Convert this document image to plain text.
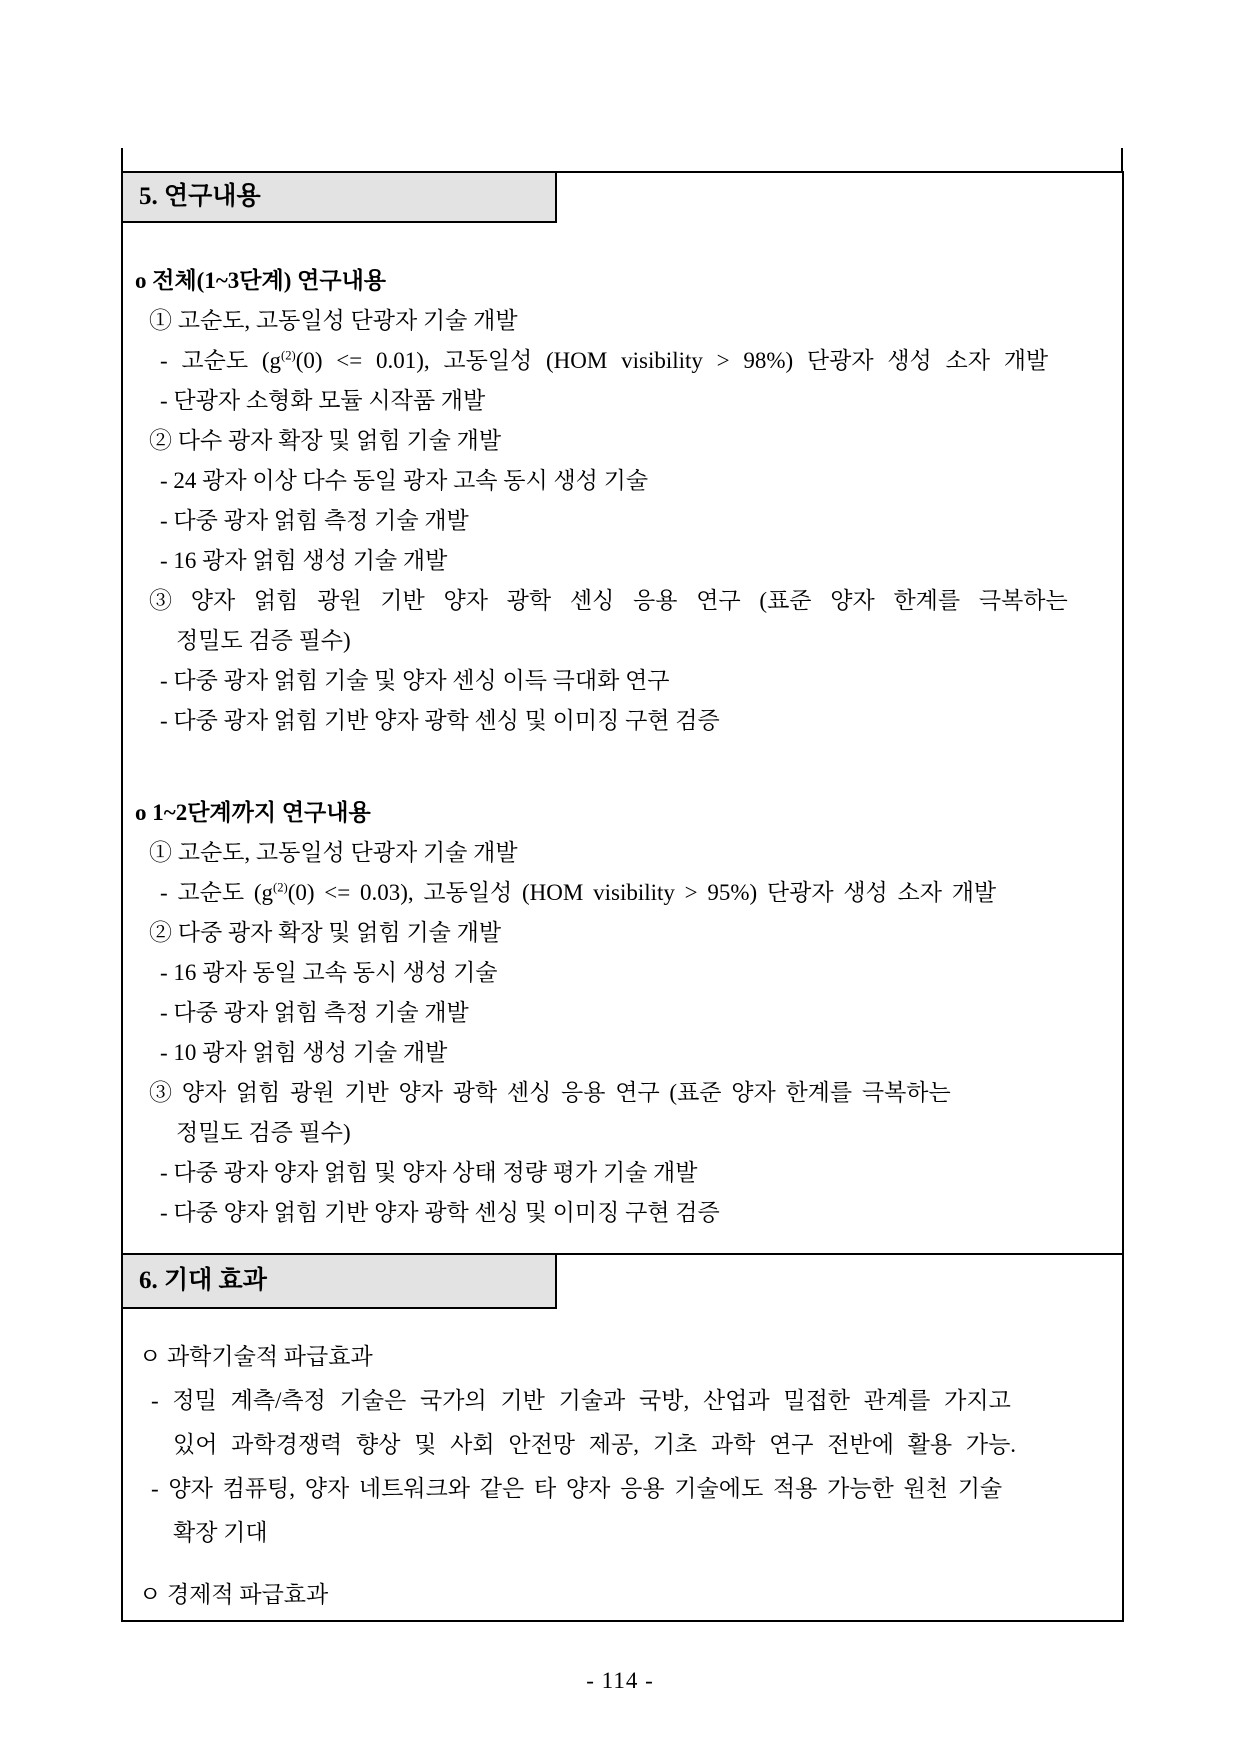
5. 연구내용
o 전체(1~3단계) 연구내용
① 고순도, 고동일성 단광자 기술 개발
- 고순도 $(g^{(2)}(0) <= 0.01)$, 고동일성 (HOM visibility > 98%) 단광자 생성 소자 개발
- 단광자 소형화 모듈 시작품 개발
② 다수 광자 확장 및 얽힘 기술 개발
- 24 광자 이상 다수 동일 광자 고속 동시 생성 기술
- 다중 광자 얽힘 측정 기술 개발
- 16 광자 얽힘 생성 기술 개발
③ 양자 얽힘 광원 기반 양자 광학 센싱 응용 연구 (표준 양자 한계를 극복하는
정밀도 검증 필수)
- 다중 광자 얽힘 기술 및 양자 센싱 이득 극대화 연구
- 다중 광자 얽힘 기반 양자 광학 센싱 및 이미징 구현 검증
o 1~2단계까지 연구내용
① 고순도, 고동일성 단광자 기술 개발
- 고순도 $(g^{(2)}(0) <= 0.03)$, 고동일성 (HOM visibility > 95%) 단광자 생성 소자 개발
② 다중 광자 확장 및 얽힘 기술 개발
- 16 광자 동일 고속 동시 생성 기술
- 다중 광자 얽힘 측정 기술 개발
- 10 광자 얽힘 생성 기술 개발
③ 양자 얽힘 광원 기반 양자 광학 센싱 응용 연구 (표준 양자 한계를 극복하는
정밀도 검증 필수)
- 다중 광자 양자 얽힘 및 양자 상태 정량 평가 기술 개발
- 다중 양자 얽힘 기반 양자 광학 센싱 및 이미징 구현 검증
6. 기대 효과
ㅇ 과학기술적 파급효과
- 정밀 계측/측정 기술은 국가의 기반 기술과 국방, 산업과 밀접한 관계를 가지고
있어 과학경쟁력 향상 및 사회 안전망 제공, 기초 과학 연구 전반에 활용 가능.
- 양자 컴퓨팅, 양자 네트워크와 같은 타 양자 응용 기술에도 적용 가능한 원천 기술
확장 기대
ㅇ 경제적 파급효과
- 114 -
